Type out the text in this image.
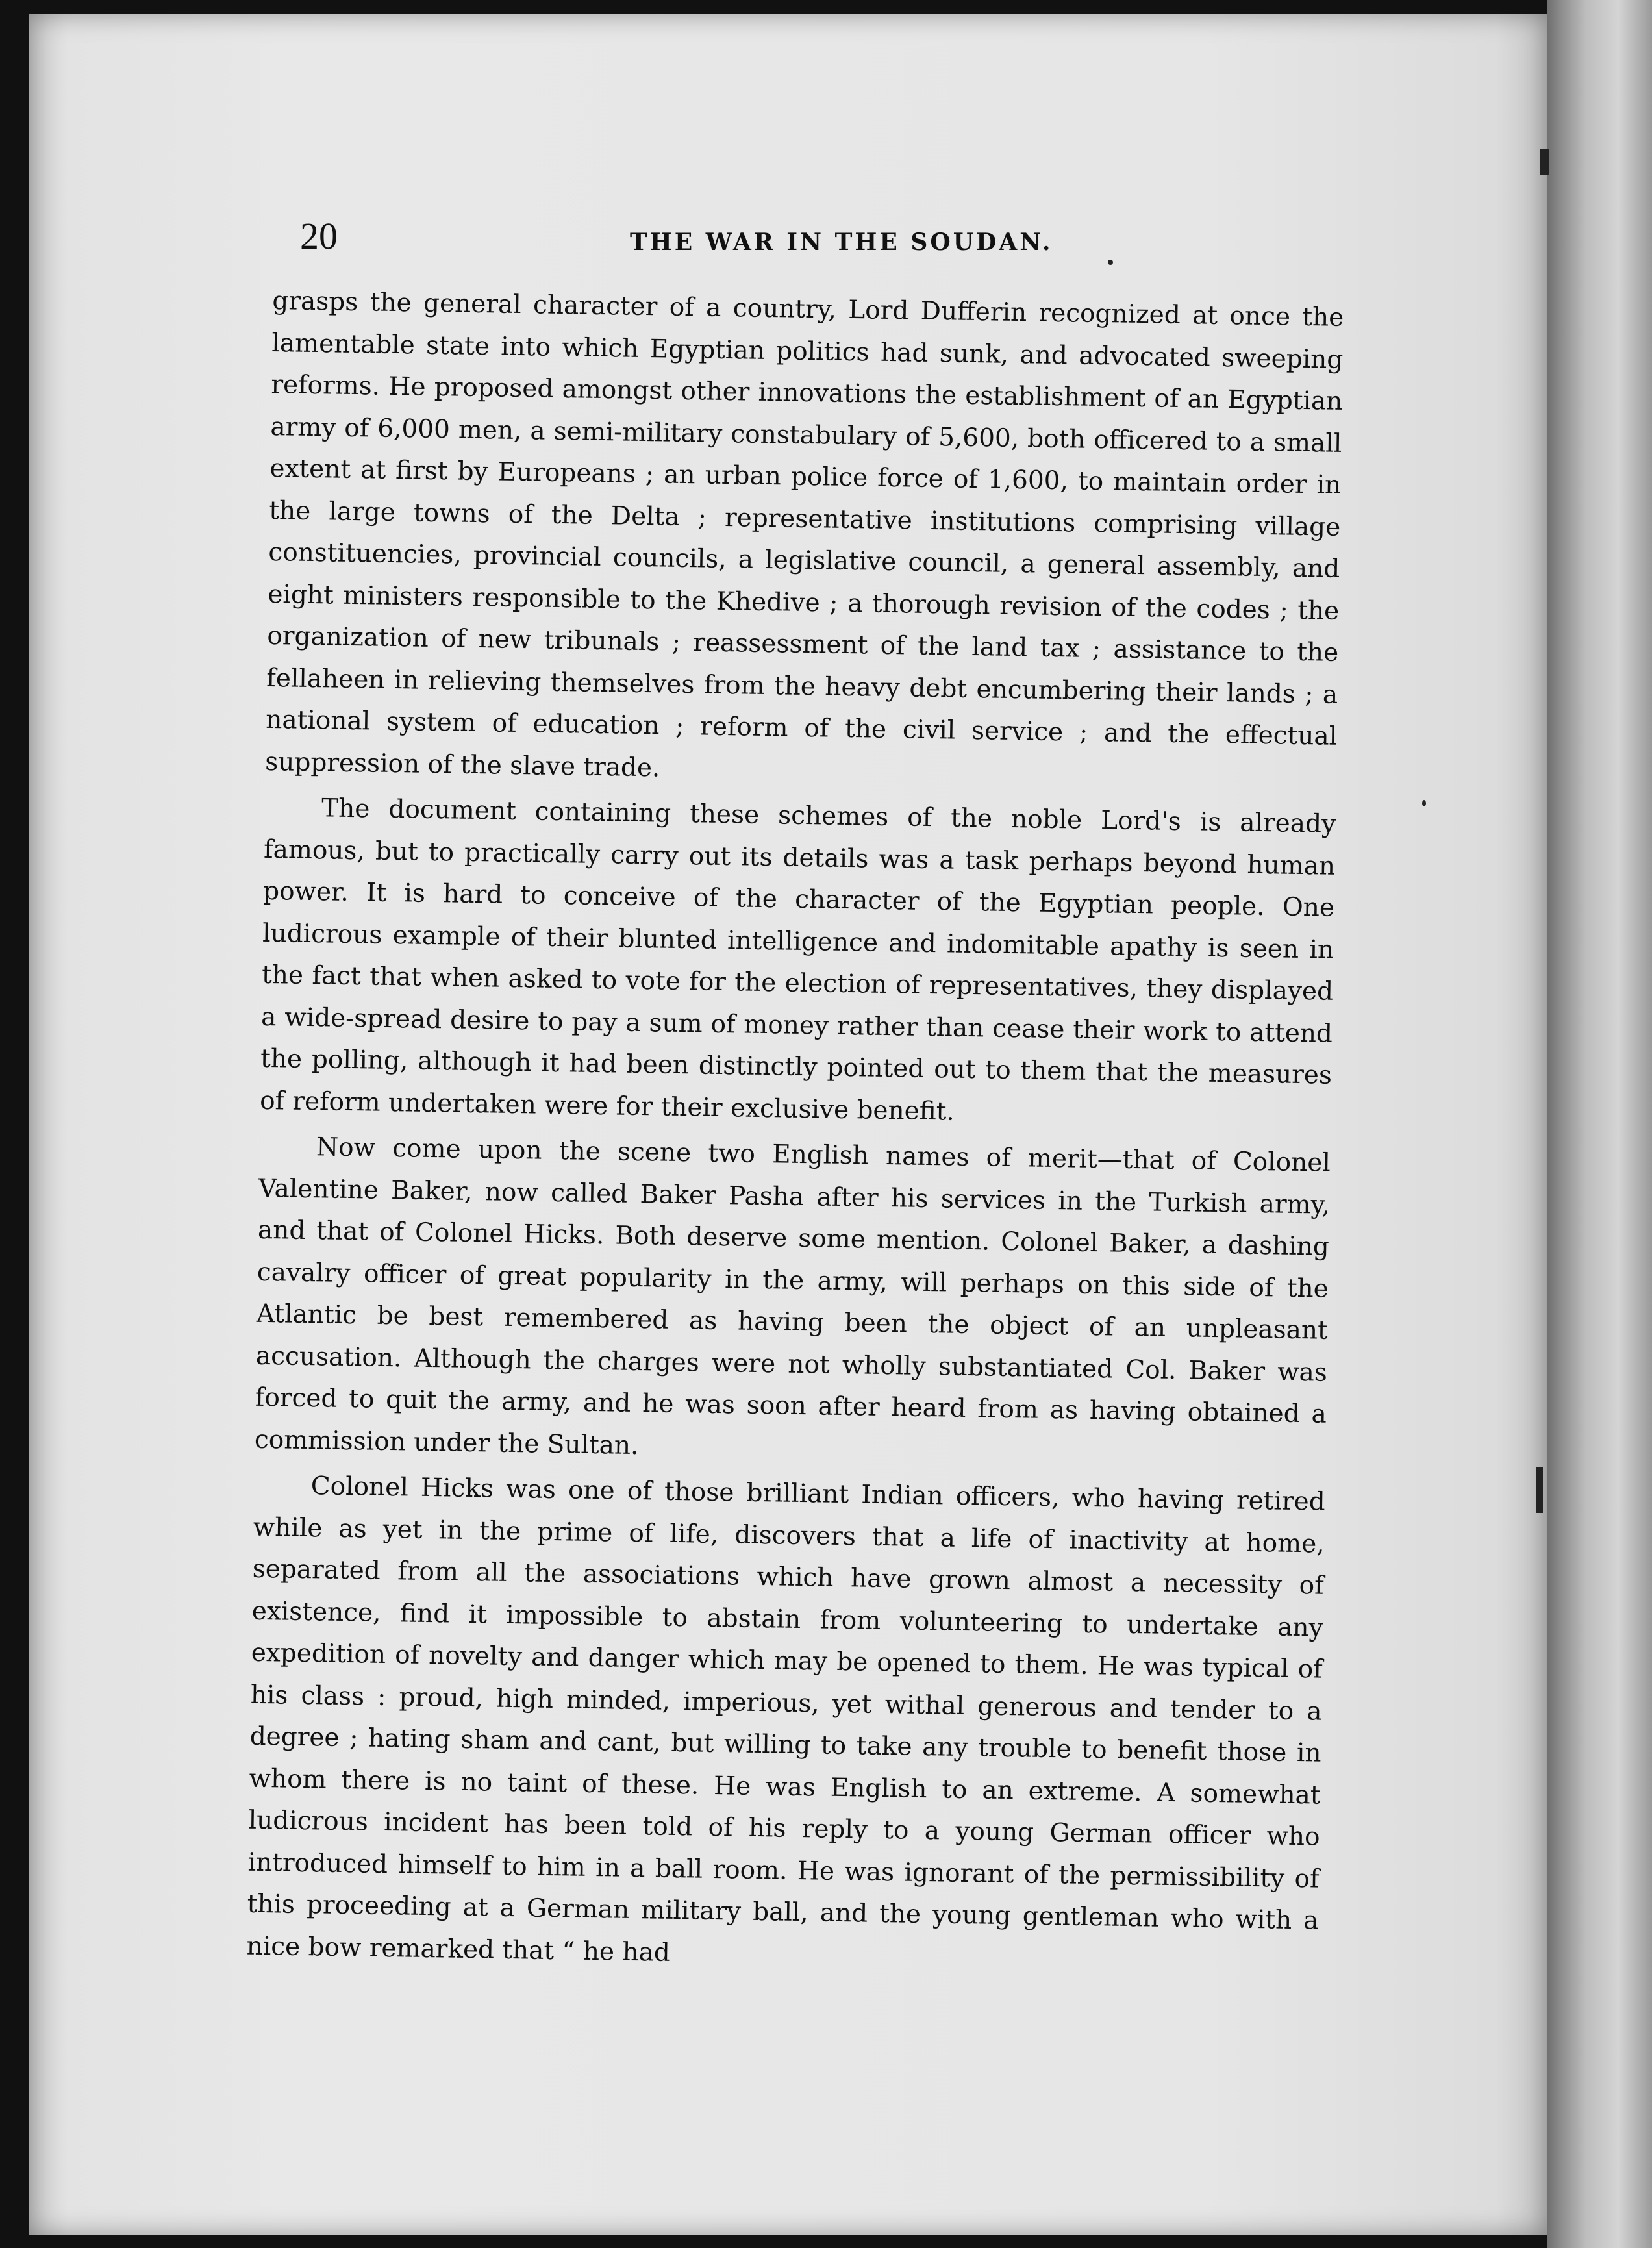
20	THE WAR IN THE SOUDAN.

grasps the general character of a country, Lord Dufferin recognized at once the lamentable state into which Egyptian politics had sunk, and advocated sweeping reforms. He proposed amongst other innovations the establishment of an Egyptian army of 6,000 men, a semi-military constabulary of 5,600, both officered to a small extent at first by Europeans ; an urban police force of 1,600, to maintain order in the large towns of the Delta ; representative institutions comprising village constituencies, provincial councils, a legislative council, a general assembly, and eight ministers responsible to the Khedive ; a thorough revision of the codes ; the organization of new tribunals ; reassessment of the land tax ; assistance to the fellaheen in relieving themselves from the heavy debt encumbering their lands ; a national system of education ; reform of the civil service ; and the effectual suppression of the slave trade.

The document containing these schemes of the noble Lord's is already famous, but to practically carry out its details was a task perhaps beyond human power. It is hard to conceive of the character of the Egyptian people. One ludicrous example of their blunted intelligence and indomitable apathy is seen in the fact that when asked to vote for the election of representatives, they displayed a wide-spread desire to pay a sum of money rather than cease their work to attend the polling, although it had been distinctly pointed out to them that the measures of reform undertaken were for their exclusive benefit.

Now come upon the scene two English names of merit—that of Colonel Valentine Baker, now called Baker Pasha after his services in the Turkish army, and that of Colonel Hicks. Both deserve some mention. Colonel Baker, a dashing cavalry officer of great popularity in the army, will perhaps on this side of the Atlantic be best remembered as having been the object of an unpleasant accusation. Although the charges were not wholly substantiated Col. Baker was forced to quit the army, and he was soon after heard from as having obtained a commission under the Sultan.

Colonel Hicks was one of those brilliant Indian officers, who having retired while as yet in the prime of life, discovers that a life of inactivity at home, separated from all the associations which have grown almost a necessity of existence, find it impossible to abstain from volunteering to undertake any expedition of novelty and danger which may be opened to them. He was typical of his class : proud, high minded, imperious, yet withal generous and tender to a degree ; hating sham and cant, but willing to take any trouble to benefit those in whom there is no taint of these. He was English to an extreme. A somewhat ludicrous incident has been told of his reply to a young German officer who introduced himself to him in a ball room. He was ignorant of the permissibility of this proceeding at a German military ball, and the young gentleman who with a nice bow remarked that “ he had
